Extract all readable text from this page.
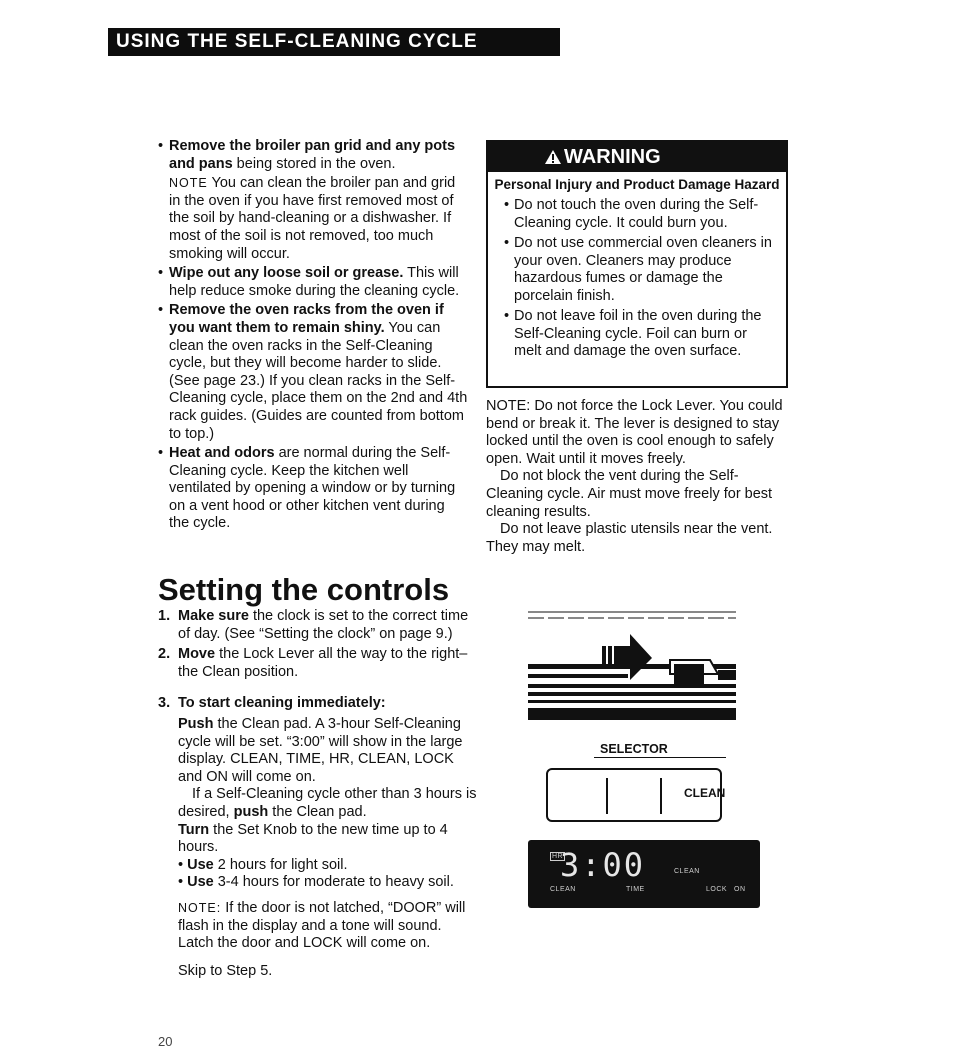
USING THE SELF-CLEANING CYCLE
• Remove the broiler pan grid and any pots and pans being stored in the oven.
NOTE You can clean the broiler pan and grid in the oven if you have first removed most of the soil by hand-cleaning or a dishwasher. If most of the soil is not removed, too much smoking will occur.
• Wipe out any loose soil or grease. This will help reduce smoke during the cleaning cycle.
• Remove the oven racks from the oven if you want them to remain shiny. You can clean the oven racks in the Self-Cleaning cycle, but they will become harder to slide. (See page 23.) If you clean racks in the Self-Cleaning cycle, place them on the 2nd and 4th rack guides. (Guides are counted from bottom to top.)
• Heat and odors are normal during the Self-Cleaning cycle. Keep the kitchen well ventilated by opening a window or by turning on a vent hood or other kitchen vent during the cycle.
WARNING
Personal Injury and Product Damage Hazard
• Do not touch the oven during the Self-Cleaning cycle. It could burn you.
• Do not use commercial oven cleaners in your oven. Cleaners may produce hazardous fumes or damage the porcelain finish.
• Do not leave foil in the oven during the Self-Cleaning cycle. Foil can burn or melt and damage the oven surface.
NOTE: Do not force the Lock Lever. You could bend or break it. The lever is designed to stay locked until the oven is cool enough to safely open. Wait until it moves freely.
Do not block the vent during the Self-Cleaning cycle. Air must move freely for best cleaning results.
Do not leave plastic utensils near the vent. They may melt.
Setting the controls
1. Make sure the clock is set to the correct time of day. (See “Setting the clock” on page 9.)
2. Move the Lock Lever all the way to the right–the Clean position.
3. To start cleaning immediately:
Push the Clean pad. A 3-hour Self-Cleaning cycle will be set. “3:00” will show in the large display. CLEAN, TIME, HR, CLEAN, LOCK and ON will come on.
If a Self-Cleaning cycle other than 3 hours is desired, push the Clean pad.
Turn the Set Knob to the new time up to 4 hours.
• Use 2 hours for light soil.
• Use 3-4 hours for moderate to heavy soil.
NOTE: If the door is not latched, “DOOR” will flash in the display and a tone will sound. Latch the door and LOCK will come on.
Skip to Step 5.
SELECTOR
CLEAN
HR
3:00	CLEAN
CLEAN	TIME	LOCK ON
20
